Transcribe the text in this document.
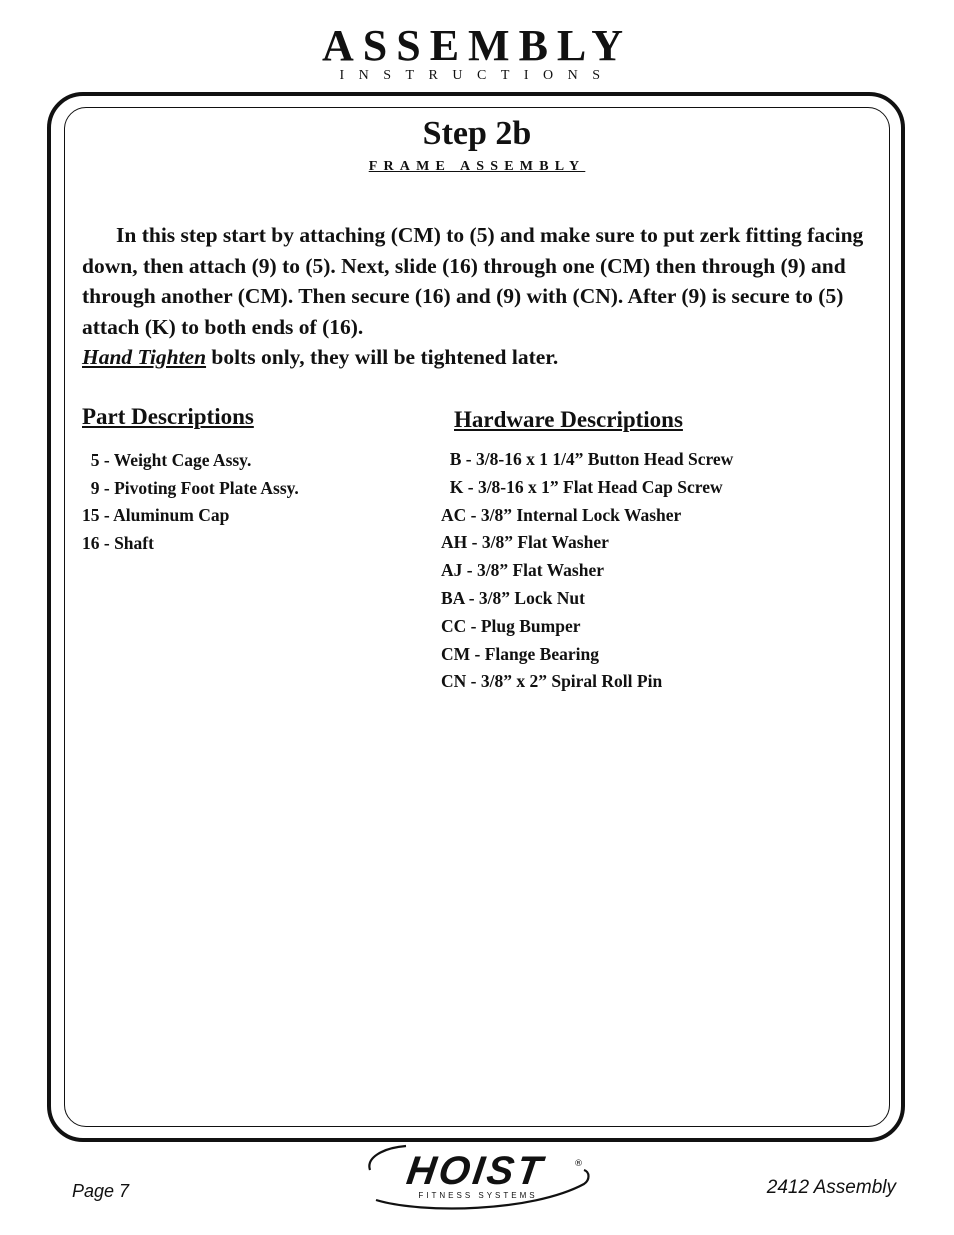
ASSEMBLY
INSTRUCTIONS
Step 2b
FRAME ASSEMBLY

In this step start by attaching (CM) to (5) and make sure to put zerk fitting facing down, then attach (9) to (5). Next, slide (16) through one (CM) then through (9) and through another (CM). Then secure (16) and (9) with (CN). After (9) is secure to (5) attach (K) to both ends of (16).
Hand Tighten bolts only, they will be tightened later.

Part Descriptions
5 - Weight Cage Assy.
9 - Pivoting Foot Plate Assy.
15 - Aluminum Cap
16 - Shaft
Hardware Descriptions
B - 3/8-16 x 1 1/4” Button Head Screw
K - 3/8-16 x 1” Flat Head Cap Screw
AC - 3/8” Internal Lock Washer
AH - 3/8” Flat Washer
AJ - 3/8” Flat Washer
BA - 3/8” Lock Nut
CC - Plug Bumper
CM - Flange Bearing
CN - 3/8” x 2” Spiral Roll Pin
Page 7	HOIST	®
FITNESS SYSTEMS	2412 Assembly
